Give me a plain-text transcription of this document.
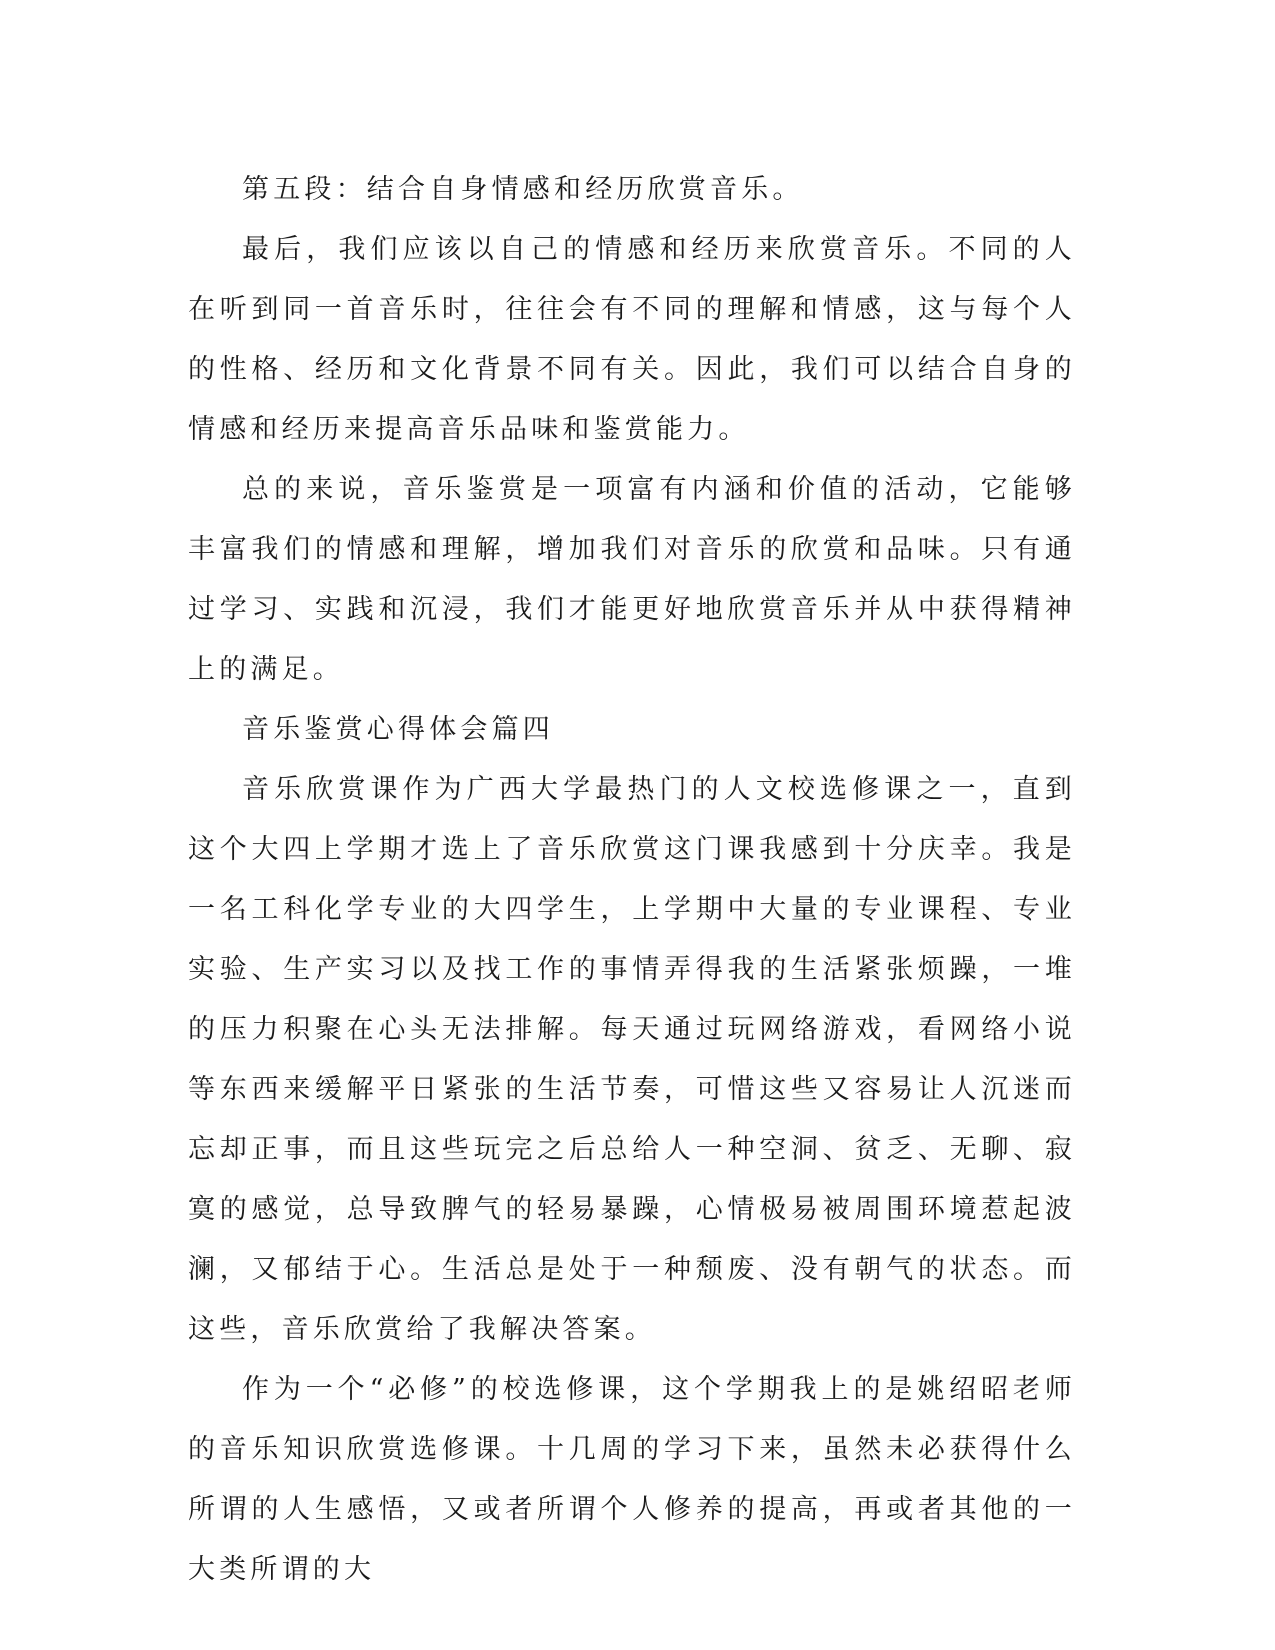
第五段：结合自身情感和经历欣赏音乐。

最后，我们应该以自己的情感和经历来欣赏音乐。不同的人在听到同一首音乐时，往往会有不同的理解和情感，这与每个人的性格、经历和文化背景不同有关。因此，我们可以结合自身的情感和经历来提高音乐品味和鉴赏能力。

总的来说，音乐鉴赏是一项富有内涵和价值的活动，它能够丰富我们的情感和理解，增加我们对音乐的欣赏和品味。只有通过学习、实践和沉浸，我们才能更好地欣赏音乐并从中获得精神上的满足。

音乐鉴赏心得体会篇四

音乐欣赏课作为广西大学最热门的人文校选修课之一，直到这个大四上学期才选上了音乐欣赏这门课我感到十分庆幸。我是一名工科化学专业的大四学生，上学期中大量的专业课程、专业实验、生产实习以及找工作的事情弄得我的生活紧张烦躁，一堆的压力积聚在心头无法排解。每天通过玩网络游戏，看网络小说等东西来缓解平日紧张的生活节奏，可惜这些又容易让人沉迷而忘却正事，而且这些玩完之后总给人一种空洞、贫乏、无聊、寂寞的感觉，总导致脾气的轻易暴躁，心情极易被周围环境惹起波澜，又郁结于心。生活总是处于一种颓废、没有朝气的状态。而这些，音乐欣赏给了我解决答案。

作为一个“必修”的校选修课，这个学期我上的是姚绍昭老师的音乐知识欣赏选修课。十几周的学习下来，虽然未必获得什么所谓的人生感悟，又或者所谓个人修养的提高，再或者其他的一大类所谓的大
